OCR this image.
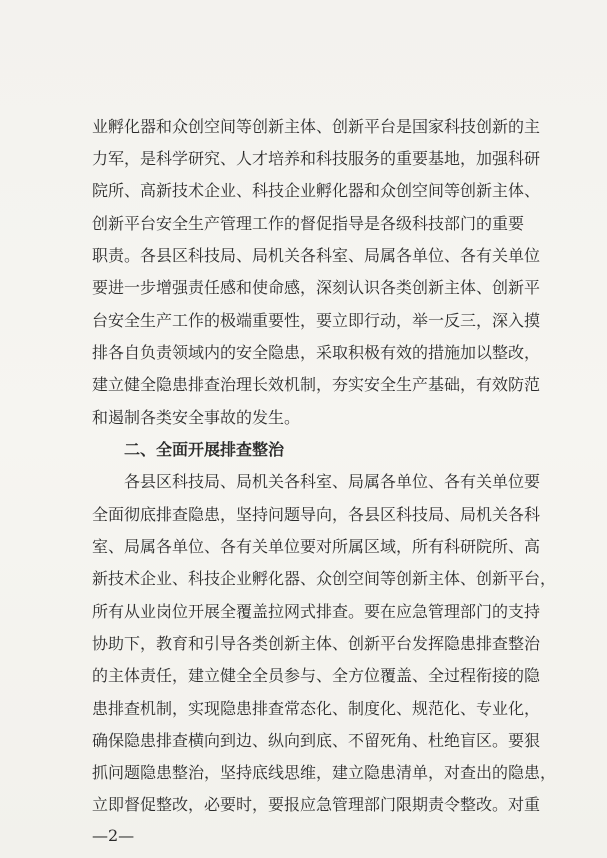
业孵化器和众创空间等创新主体、创新平台是国家科技创新的主
力军，是科学研究、人才培养和科技服务的重要基地，加强科研
院所、高新技术企业、科技企业孵化器和众创空间等创新主体、
创新平台安全生产管理工作的督促指导是各级科技部门的重要
职责。各县区科技局、局机关各科室、局属各单位、各有关单位
要进一步增强责任感和使命感，深刻认识各类创新主体、创新平
台安全生产工作的极端重要性，要立即行动，举一反三，深入摸
排各自负责领域内的安全隐患，采取积极有效的措施加以整改，
建立健全隐患排查治理长效机制，夯实安全生产基础，有效防范
和遏制各类安全事故的发生。
二、全面开展排查整治
各县区科技局、局机关各科室、局属各单位、各有关单位要
全面彻底排查隐患，坚持问题导向，各县区科技局、局机关各科
室、局属各单位、各有关单位要对所属区域，所有科研院所、高
新技术企业、科技企业孵化器、众创空间等创新主体、创新平台，
所有从业岗位开展全覆盖拉网式排查。要在应急管理部门的支持
协助下，教育和引导各类创新主体、创新平台发挥隐患排查整治
的主体责任，建立健全全员参与、全方位覆盖、全过程衔接的隐
患排查机制，实现隐患排查常态化、制度化、规范化、专业化，
确保隐患排查横向到边、纵向到底、不留死角、杜绝盲区。要狠
抓问题隐患整治，坚持底线思维，建立隐患清单，对查出的隐患，
立即督促整改，必要时，要报应急管理部门限期责令整改。对重
—2—
